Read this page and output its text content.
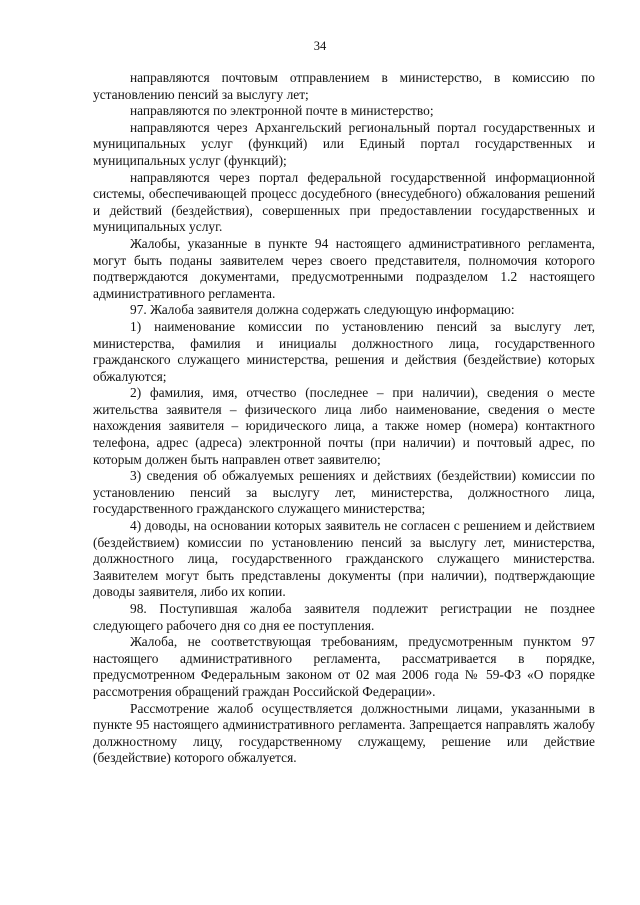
34

направляются почтовым отправлением в министерство, в комиссию по установлению пенсий за выслугу лет;

направляются по электронной почте в министерство;

направляются через Архангельский региональный портал государственных и муниципальных услуг (функций) или Единый портал государственных и муниципальных услуг (функций);

направляются через портал федеральной государственной информационной системы, обеспечивающей процесс досудебного (внесудебного) обжалования решений и действий (бездействия), совершенных при предоставлении государственных и муниципальных услуг.

Жалобы, указанные в пункте 94 настоящего административного регламента, могут быть поданы заявителем через своего представителя, полномочия которого подтверждаются документами, предусмотренными подразделом 1.2 настоящего административного регламента.

97. Жалоба заявителя должна содержать следующую информацию:

1) наименование комиссии по установлению пенсий за выслугу лет, министерства, фамилия и инициалы должностного лица, государственного гражданского служащего министерства, решения и действия (бездействие) которых обжалуются;

2) фамилия, имя, отчество (последнее – при наличии), сведения о месте жительства заявителя – физического лица либо наименование, сведения о месте нахождения заявителя – юридического лица, а также номер (номера) контактного телефона, адрес (адреса) электронной почты (при наличии) и почтовый адрес, по которым должен быть направлен ответ заявителю;

3) сведения об обжалуемых решениях и действиях (бездействии) комиссии по установлению пенсий за выслугу лет, министерства, должностного лица, государственного гражданского служащего министерства;

4) доводы, на основании которых заявитель не согласен с решением и действием (бездействием) комиссии по установлению пенсий за выслугу лет, министерства, должностного лица, государственного гражданского служащего министерства. Заявителем могут быть представлены документы (при наличии), подтверждающие доводы заявителя, либо их копии.

98. Поступившая жалоба заявителя подлежит регистрации не позднее следующего рабочего дня со дня ее поступления.

Жалоба, не соответствующая требованиям, предусмотренным пунктом 97 настоящего административного регламента, рассматривается в порядке, предусмотренном Федеральным законом от 02 мая 2006 года № 59-ФЗ «О порядке рассмотрения обращений граждан Российской Федерации».

Рассмотрение жалоб осуществляется должностными лицами, указанными в пункте 95 настоящего административного регламента. Запрещается направлять жалобу должностному лицу, государственному служащему, решение или действие (бездействие) которого обжалуется.
